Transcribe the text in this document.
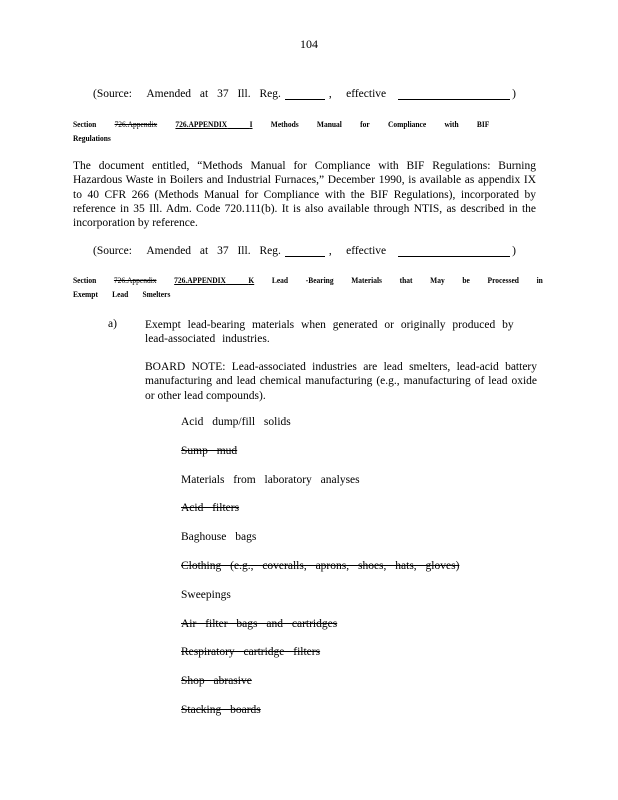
104
(Source: Amended at 37 Ill. Reg.	, effective	)
Section 726.Appendix 726.APPENDIX	I Methods Manual for Compliance with BIF
Regulations
The document entitled, “Methods Manual for Compliance with BIF Regulations: Burning Hazardous Waste in Boilers and Industrial Furnaces,” December 1990, is available as appendix IX to 40 CFR 266 (Methods Manual for Compliance with the BIF Regulations), incorporated by reference in 35 Ill. Adm. Code 720.111(b). It is also available through NTIS, as described in the incorporation by reference.
(Source: Amended at 37 Ill. Reg.	, effective	)
Section 726.Appendix 726.APPENDIX	K Lead -Bearing Materials that May be Processed in
Exempt Lead Smelters
a) Exempt lead-bearing materials when generated or originally produced by lead-associated industries.
BOARD NOTE: Lead-associated industries are lead smelters, lead-acid battery manufacturing and lead chemical manufacturing (e.g., manufacturing of lead oxide or other lead compounds).
Acid dump/fill solids
Sump mud
Materials from laboratory analyses
Acid filters
Baghouse bags
Clothing (e.g., coveralls, aprons, shoes, hats, gloves)
Sweepings
Air filter bags and cartridges
Respiratory cartridge filters
Shop abrasive
Stacking boards
